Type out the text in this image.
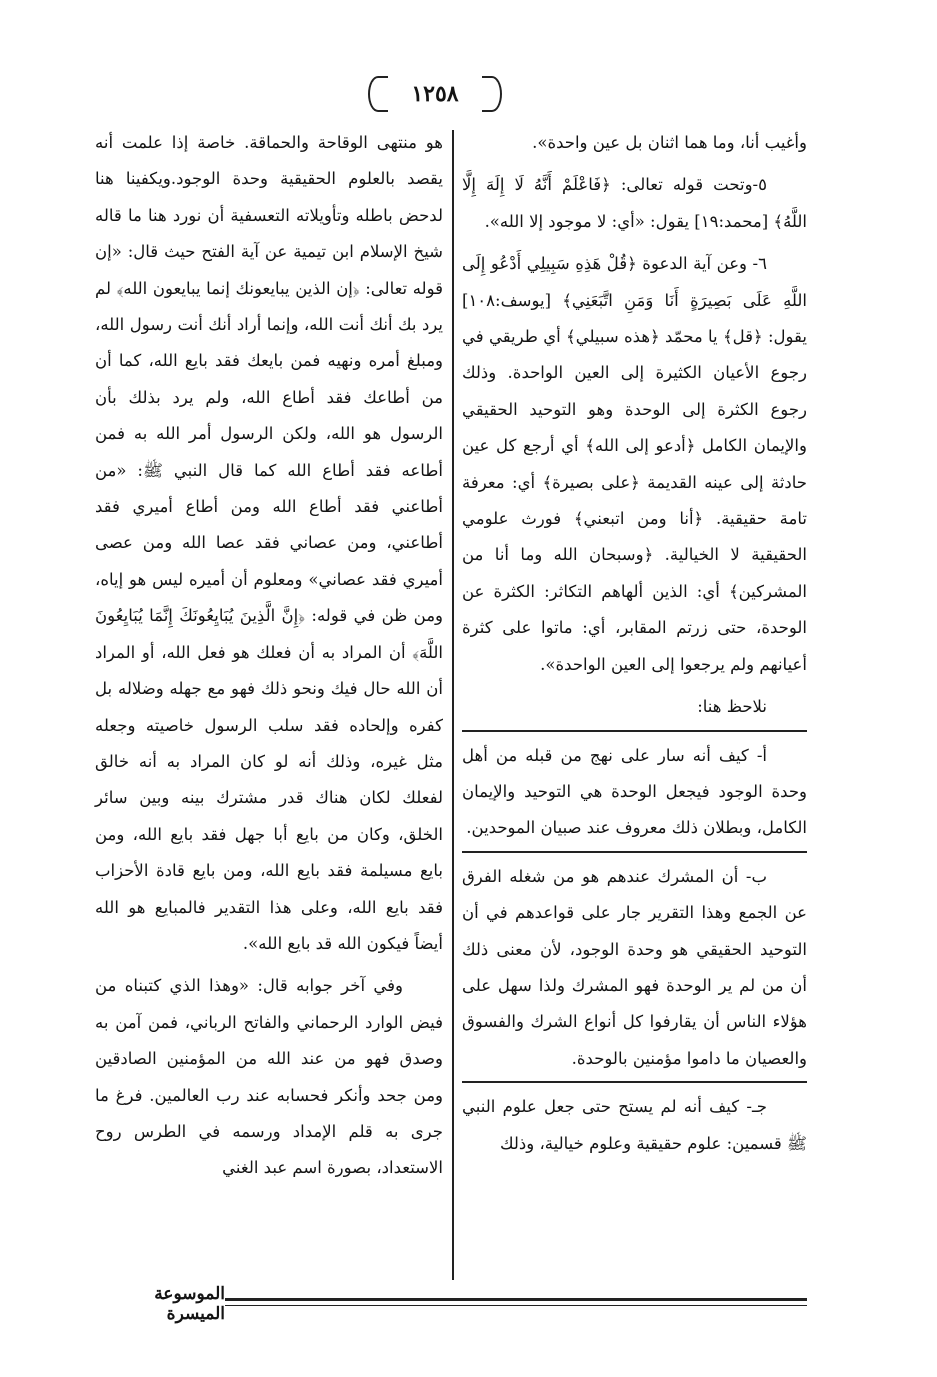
١٢٥٨

وأغيب أنا، وما هما اثنان بل عين واحدة».

٥-وتحت قوله تعالى: ﴿فَاعْلَمْ أَنَّهُ لَا إِلَهَ إِلَّا اللَّهُ﴾ [محمد:١٩] يقول: «أي: لا موجود إلا الله».

٦- وعن آية الدعوة ﴿قُلْ هَذِهِ سَبِيلِي أَدْعُو إِلَى اللَّهِ عَلَى بَصِيرَةٍ أَنَا وَمَنِ اتَّبَعَنِي﴾ [يوسف:١٠٨] يقول: ﴿قل﴾ يا محمّد ﴿هذه سبيلي﴾ أي طريقي في رجوع الأعيان الكثيرة إلى العين الواحدة. وذلك رجوع الكثرة إلى الوحدة وهو التوحيد الحقيقي والإيمان الكامل ﴿أدعو إلى الله﴾ أي أرجع كل عين حادثة إلى عينه القديمة ﴿على بصيرة﴾ أي: معرفة تامة حقيقية. ﴿أنا ومن اتبعني﴾ فورث علومي الحقيقية لا الخيالية. ﴿وسبحان الله وما أنا من المشركين﴾ أي: الذين ألهاهم التكاثر: الكثرة عن الوحدة، حتى زرتم المقابر، أي: ماتوا على كثرة أعيانهم ولم يرجعوا إلى العين الواحدة».

نلاحظ هنا:

أ- كيف أنه سار على نهج من قبله من أهل وحدة الوجود فيجعل الوحدة هي التوحيد والإيمان الكامل، وبطلان ذلك معروف عند صبيان الموحدين.

ب- أن المشرك عندهم هو من شغله الفرق عن الجمع وهذا التقرير جار على قواعدهم في أن التوحيد الحقيقي هو وحدة الوجود، لأن معنى ذلك أن من لم ير الوحدة فهو المشرك ولذا سهل على هؤلاء الناس أن يقارفوا كل أنواع الشرك والفسوق والعصيان ما داموا مؤمنين بالوحدة.

جـ- كيف أنه لم يستح حتى جعل علوم النبي ﷺ قسمين: علوم حقيقية وعلوم خيالية، وذلك

هو منتهى الوقاحة والحماقة. خاصة إذا علمت أنه يقصد بالعلوم الحقيقية وحدة الوجود.ويكفينا هنا لدحض باطله وتأويلاته التعسفية أن نورد هنا ما قاله شيخ الإسلام ابن تيمية عن آية الفتح حيث قال: «إن قوله تعالى: ﴿إن الذين يبايعونك إنما يبايعون الله﴾ لم يرد بك أنك أنت الله، وإنما أراد أنك أنت رسول الله، ومبلغ أمره ونهيه فمن بايعك فقد بايع الله، كما أن من أطاعك فقد أطاع الله، ولم يرد بذلك بأن الرسول هو الله، ولكن الرسول أمر الله به فمن أطاعه فقد أطاع الله كما قال النبي ﷺ: «من أطاعني فقد أطاع الله ومن أطاع أميري فقد أطاعني، ومن عصاني فقد عصا الله ومن عصى أميري فقد عصاني» ومعلوم أن أميره ليس هو إياه، ومن ظن في قوله: ﴿إِنَّ الَّذِينَ يُبَايِعُونَكَ إِنَّمَا يُبَايِعُونَ اللَّهَ﴾ أن المراد به أن فعلك هو فعل الله، أو المراد أن الله حال فيك ونحو ذلك فهو مع جهله وضلاله بل كفره وإلحاده فقد سلب الرسول خاصيته وجعله مثل غيره، وذلك أنه لو كان المراد به أنه خالق لفعلك لكان هناك قدر مشترك بينه وبين سائر الخلق، وكان من بايع أبا جهل فقد بايع الله، ومن بايع مسيلمة فقد بايع الله، ومن بايع قادة الأحزاب فقد بايع الله، وعلى هذا التقدير فالمبايع هو الله أيضاً فيكون الله قد بايع الله».

وفي آخر جوابه قال: «وهذا الذي كتبناه من فيض الوارد الرحماني والفاتح الرباني، فمن آمن به وصدق فهو من عند الله من المؤمنين الصادقين ومن جحد وأنكر فحسابه عند رب العالمين. فرغ ما جرى به قلم الإمداد ورسمه في الطرس روح الاستعداد، بصورة اسم عبد الغني

الموسوعة الميسرة
